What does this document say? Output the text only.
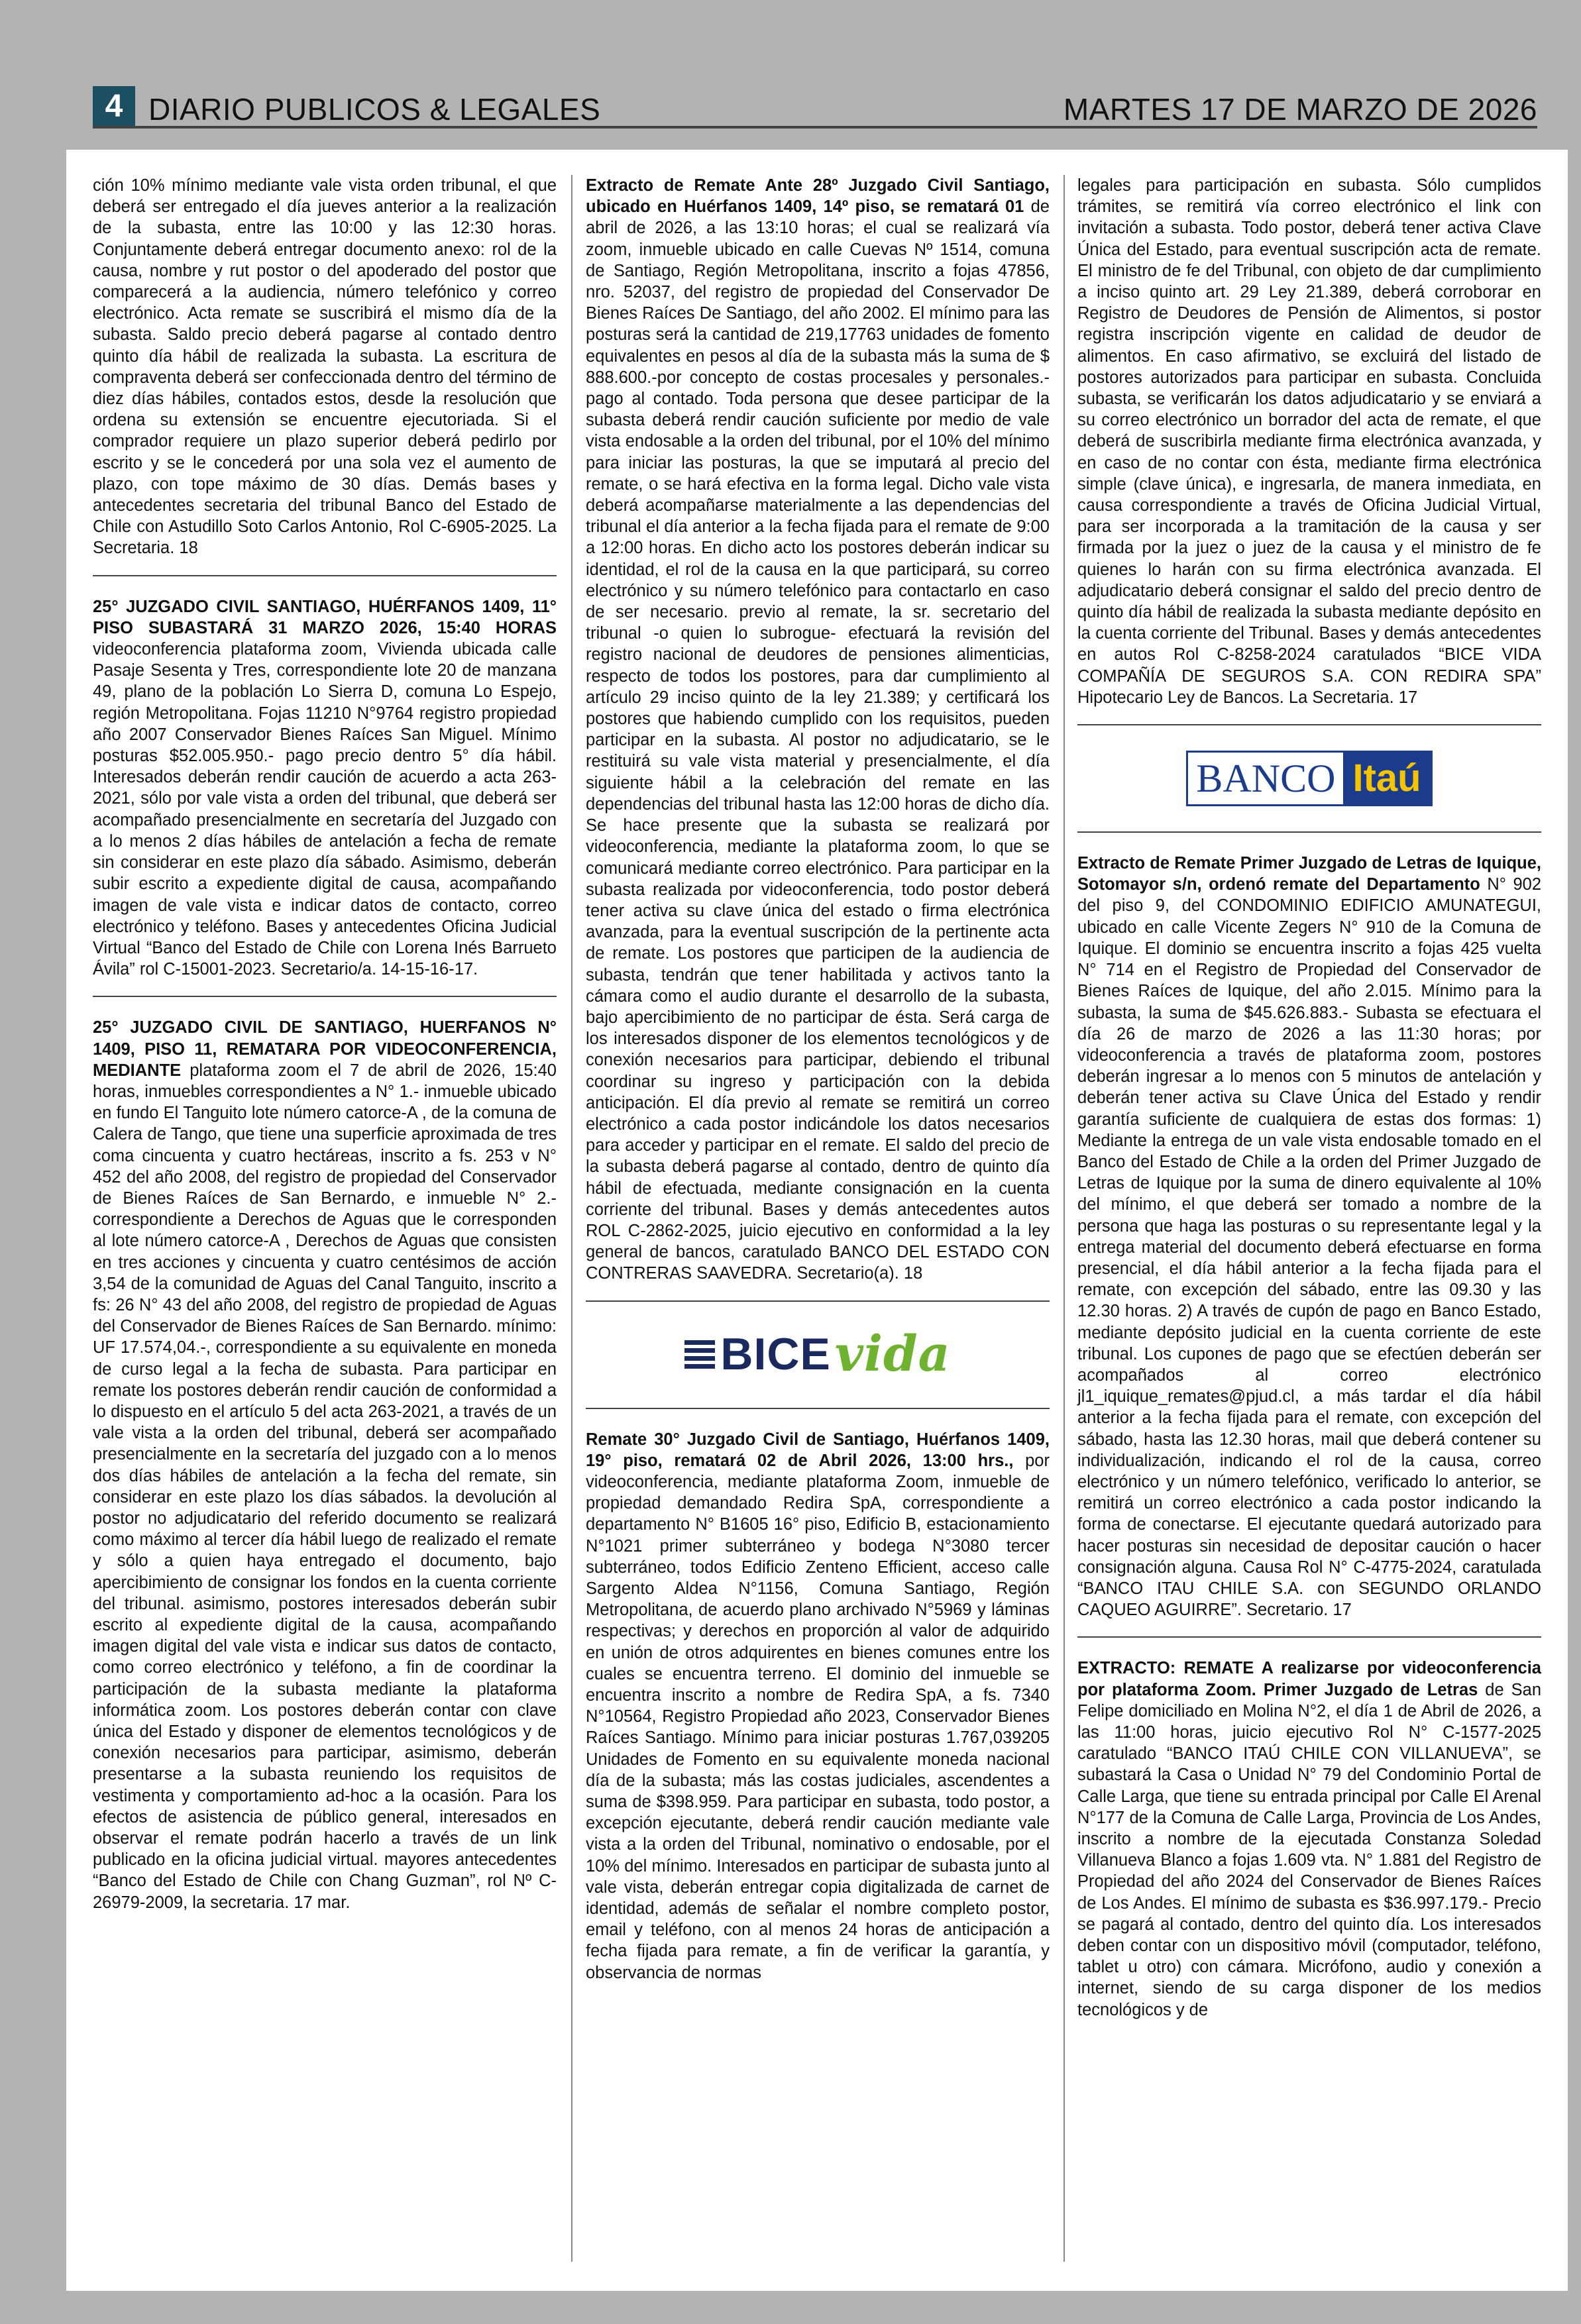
4 DIARIO PUBLICOS & LEGALES	MARTES 17 DE MARZO DE 2026

ción 10% mínimo mediante vale vista orden tribunal, el que deberá ser entregado el día jueves anterior a la realización de la subasta, entre las 10:00 y las 12:30 horas. Conjuntamente deberá entregar documento anexo: rol de la causa, nombre y rut postor o del apoderado del postor que comparecerá a la audiencia, número telefónico y correo electrónico. Acta remate se suscribirá el mismo día de la subasta. Saldo precio deberá pagarse al contado dentro quinto día hábil de realizada la subasta. La escritura de compraventa deberá ser confeccionada dentro del término de diez días hábiles, contados estos, desde la resolución que ordena su extensión se encuentre ejecutoriada. Si el comprador requiere un plazo superior deberá pedirlo por escrito y se le concederá por una sola vez el aumento de plazo, con tope máximo de 30 días. Demás bases y antecedentes secretaria del tribunal Banco del Estado de Chile con Astudillo Soto Carlos Antonio, Rol C-6905-2025. La Secretaria. 18

25° JUZGADO CIVIL SANTIAGO, HUÉRFANOS 1409, 11° PISO SUBASTARÁ 31 MARZO 2026, 15:40 HORAS videoconferencia plataforma zoom, Vivienda ubicada calle Pasaje Sesenta y Tres, correspondiente lote 20 de manzana 49, plano de la población Lo Sierra D, comuna Lo Espejo, región Metropolitana. Fojas 11210 N°9764 registro propiedad año 2007 Conservador Bienes Raíces San Miguel. Mínimo posturas $52.005.950.- pago precio dentro 5° día hábil. Interesados deberán rendir caución de acuerdo a acta 263-2021, sólo por vale vista a orden del tribunal, que deberá ser acompañado presencialmente en secretaría del Juzgado con a lo menos 2 días hábiles de antelación a fecha de remate sin considerar en este plazo día sábado. Asimismo, deberán subir escrito a expediente digital de causa, acompañando imagen de vale vista e indicar datos de contacto, correo electrónico y teléfono. Bases y antecedentes Oficina Judicial Virtual “Banco del Estado de Chile con Lorena Inés Barrueto Ávila” rol C-15001-2023. Secretario/a. 14-15-16-17.

25° JUZGADO CIVIL DE SANTIAGO, HUERFANOS N° 1409, PISO 11, REMATARA POR VIDEOCONFERENCIA, MEDIANTE plataforma zoom el 7 de abril de 2026, 15:40 horas, inmuebles correspondientes a N° 1.- inmueble ubicado en fundo El Tanguito lote número catorce-A , de la comuna de Calera de Tango, que tiene una superficie aproximada de tres coma cincuenta y cuatro hectáreas, inscrito a fs. 253 v N° 452 del año 2008, del registro de propiedad del Conservador de Bienes Raíces de San Bernardo, e inmueble N° 2.- correspondiente a Derechos de Aguas que le corresponden al lote número catorce-A , Derechos de Aguas que consisten en tres acciones y cincuenta y cuatro centésimos de acción 3,54 de la comunidad de Aguas del Canal Tanguito, inscrito a fs: 26 N° 43 del año 2008, del registro de propiedad de Aguas del Conservador de Bienes Raíces de San Bernardo. mínimo: UF 17.574,04.-, correspondiente a su equivalente en moneda de curso legal a la fecha de subasta. Para participar en remate los postores deberán rendir caución de conformidad a lo dispuesto en el artículo 5 del acta 263-2021, a través de un vale vista a la orden del tribunal, deberá ser acompañado presencialmente en la secretaría del juzgado con a lo menos dos días hábiles de antelación a la fecha del remate, sin considerar en este plazo los días sábados. la devolución al postor no adjudicatario del referido documento se realizará como máximo al tercer día hábil luego de realizado el remate y sólo a quien haya entregado el documento, bajo apercibimiento de consignar los fondos en la cuenta corriente del tribunal. asimismo, postores interesados deberán subir escrito al expediente digital de la causa, acompañando imagen digital del vale vista e indicar sus datos de contacto, como correo electrónico y teléfono, a fin de coordinar la participación de la subasta mediante la plataforma informática zoom. Los postores deberán contar con clave única del Estado y disponer de elementos tecnológicos y de conexión necesarios para participar, asimismo, deberán presentarse a la subasta reuniendo los requisitos de vestimenta y comportamiento ad-hoc a la ocasión. Para los efectos de asistencia de público general, interesados en observar el remate podrán hacerlo a través de un link publicado en la oficina judicial virtual. mayores antecedentes “Banco del Estado de Chile con Chang Guzman”, rol Nº C-26979-2009, la secretaria. 17 mar.

Extracto de Remate Ante 28º Juzgado Civil Santiago, ubicado en Huérfanos 1409, 14º piso, se rematará 01 de abril de 2026, a las 13:10 horas; el cual se realizará vía zoom, inmueble ubicado en calle Cuevas Nº 1514, comuna de Santiago, Región Metropolitana, inscrito a fojas 47856, nro. 52037, del registro de propiedad del Conservador De Bienes Raíces De Santiago, del año 2002. El mínimo para las posturas será la cantidad de 219,17763 unidades de fomento equivalentes en pesos al día de la subasta más la suma de $ 888.600.-por concepto de costas procesales y personales.- pago al contado. Toda persona que desee participar de la subasta deberá rendir caución suficiente por medio de vale vista endosable a la orden del tribunal, por el 10% del mínimo para iniciar las posturas, la que se imputará al precio del remate, o se hará efectiva en la forma legal. Dicho vale vista deberá acompañarse materialmente a las dependencias del tribunal el día anterior a la fecha fijada para el remate de 9:00 a 12:00 horas. En dicho acto los postores deberán indicar su identidad, el rol de la causa en la que participará, su correo electrónico y su número telefónico para contactarlo en caso de ser necesario. previo al remate, la sr. secretario del tribunal -o quien lo subrogue- efectuará la revisión del registro nacional de deudores de pensiones alimenticias, respecto de todos los postores, para dar cumplimiento al artículo 29 inciso quinto de la ley 21.389; y certificará los postores que habiendo cumplido con los requisitos, pueden participar en la subasta. Al postor no adjudicatario, se le restituirá su vale vista material y presencialmente, el día siguiente hábil a la celebración del remate en las dependencias del tribunal hasta las 12:00 horas de dicho día. Se hace presente que la subasta se realizará por videoconferencia, mediante la plataforma zoom, lo que se comunicará mediante correo electrónico. Para participar en la subasta realizada por videoconferencia, todo postor deberá tener activa su clave única del estado o firma electrónica avanzada, para la eventual suscripción de la pertinente acta de remate. Los postores que participen de la audiencia de subasta, tendrán que tener habilitada y activos tanto la cámara como el audio durante el desarrollo de la subasta, bajo apercibimiento de no participar de ésta. Será carga de los interesados disponer de los elementos tecnológicos y de conexión necesarios para participar, debiendo el tribunal coordinar su ingreso y participación con la debida anticipación. El día previo al remate se remitirá un correo electrónico a cada postor indicándole los datos necesarios para acceder y participar en el remate. El saldo del precio de la subasta deberá pagarse al contado, dentro de quinto día hábil de efectuada, mediante consignación en la cuenta corriente del tribunal. Bases y demás antecedentes autos ROL C-2862-2025, juicio ejecutivo en conformidad a la ley general de bancos, caratulado BANCO DEL ESTADO CON CONTRERAS SAAVEDRA. Secretario(a). 18

BICE vida

Remate 30° Juzgado Civil de Santiago, Huérfanos 1409, 19° piso, rematará 02 de Abril 2026, 13:00 hrs., por videoconferencia, mediante plataforma Zoom, inmueble de propiedad demandado Redira SpA, correspondiente a departamento N° B1605 16° piso, Edificio B, estacionamiento N°1021 primer subterráneo y bodega N°3080 tercer subterráneo, todos Edificio Zenteno Efficient, acceso calle Sargento Aldea N°1156, Comuna Santiago, Región Metropolitana, de acuerdo plano archivado N°5969 y láminas respectivas; y derechos en proporción al valor de adquirido en unión de otros adquirentes en bienes comunes entre los cuales se encuentra terreno. El dominio del inmueble se encuentra inscrito a nombre de Redira SpA, a fs. 7340 N°10564, Registro Propiedad año 2023, Conservador Bienes Raíces Santiago. Mínimo para iniciar posturas 1.767,039205 Unidades de Fomento en su equivalente moneda nacional día de la subasta; más las costas judiciales, ascendentes a suma de $398.959. Para participar en subasta, todo postor, a excepción ejecutante, deberá rendir caución mediante vale vista a la orden del Tribunal, nominativo o endosable, por el 10% del mínimo. Interesados en participar de subasta junto al vale vista, deberán entregar copia digitalizada de carnet de identidad, además de señalar el nombre completo postor, email y teléfono, con al menos 24 horas de anticipación a fecha fijada para remate, a fin de verificar la garantía, y observancia de normas

legales para participación en subasta. Sólo cumplidos trámites, se remitirá vía correo electrónico el link con invitación a subasta. Todo postor, deberá tener activa Clave Única del Estado, para eventual suscripción acta de remate. El ministro de fe del Tribunal, con objeto de dar cumplimiento a inciso quinto art. 29 Ley 21.389, deberá corroborar en Registro de Deudores de Pensión de Alimentos, si postor registra inscripción vigente en calidad de deudor de alimentos. En caso afirmativo, se excluirá del listado de postores autorizados para participar en subasta. Concluida subasta, se verificarán los datos adjudicatario y se enviará a su correo electrónico un borrador del acta de remate, el que deberá de suscribirla mediante firma electrónica avanzada, y en caso de no contar con ésta, mediante firma electrónica simple (clave única), e ingresarla, de manera inmediata, en causa correspondiente a través de Oficina Judicial Virtual, para ser incorporada a la tramitación de la causa y ser firmada por la juez o juez de la causa y el ministro de fe quienes lo harán con su firma electrónica avanzada. El adjudicatario deberá consignar el saldo del precio dentro de quinto día hábil de realizada la subasta mediante depósito en la cuenta corriente del Tribunal. Bases y demás antecedentes en autos Rol C-8258-2024 caratulados “BICE VIDA COMPAÑÍA DE SEGUROS S.A. CON REDIRA SPA” Hipotecario Ley de Bancos. La Secretaria. 17

BANCO Itaú

Extracto de Remate Primer Juzgado de Letras de Iquique, Sotomayor s/n, ordenó remate del Departamento N° 902 del piso 9, del CONDOMINIO EDIFICIO AMUNATEGUI, ubicado en calle Vicente Zegers N° 910 de la Comuna de Iquique. El dominio se encuentra inscrito a fojas 425 vuelta N° 714 en el Registro de Propiedad del Conservador de Bienes Raíces de Iquique, del año 2.015. Mínimo para la subasta, la suma de $45.626.883.- Subasta se efectuara el día 26 de marzo de 2026 a las 11:30 horas; por videoconferencia a través de plataforma zoom, postores deberán ingresar a lo menos con 5 minutos de antelación y deberán tener activa su Clave Única del Estado y rendir garantía suficiente de cualquiera de estas dos formas: 1) Mediante la entrega de un vale vista endosable tomado en el Banco del Estado de Chile a la orden del Primer Juzgado de Letras de Iquique por la suma de dinero equivalente al 10% del mínimo, el que deberá ser tomado a nombre de la persona que haga las posturas o su representante legal y la entrega material del documento deberá efectuarse en forma presencial, el día hábil anterior a la fecha fijada para el remate, con excepción del sábado, entre las 09.30 y las 12.30 horas. 2) A través de cupón de pago en Banco Estado, mediante depósito judicial en la cuenta corriente de este tribunal. Los cupones de pago que se efectúen deberán ser acompañados al correo electrónico jl1_iquique_remates@pjud.cl, a más tardar el día hábil anterior a la fecha fijada para el remate, con excepción del sábado, hasta las 12.30 horas, mail que deberá contener su individualización, indicando el rol de la causa, correo electrónico y un número telefónico, verificado lo anterior, se remitirá un correo electrónico a cada postor indicando la forma de conectarse. El ejecutante quedará autorizado para hacer posturas sin necesidad de depositar caución o hacer consignación alguna. Causa Rol N° C-4775-2024, caratulada “BANCO ITAU CHILE S.A. con SEGUNDO ORLANDO CAQUEO AGUIRRE”. Secretario. 17

EXTRACTO: REMATE A realizarse por videoconferencia por plataforma Zoom. Primer Juzgado de Letras de San Felipe domiciliado en Molina N°2, el día 1 de Abril de 2026, a las 11:00 horas, juicio ejecutivo Rol N° C-1577-2025 caratulado “BANCO ITAÚ CHILE CON VILLANUEVA”, se subastará la Casa o Unidad N° 79 del Condominio Portal de Calle Larga, que tiene su entrada principal por Calle El Arenal N°177 de la Comuna de Calle Larga, Provincia de Los Andes, inscrito a nombre de la ejecutada Constanza Soledad Villanueva Blanco a fojas 1.609 vta. N° 1.881 del Registro de Propiedad del año 2024 del Conservador de Bienes Raíces de Los Andes. El mínimo de subasta es $36.997.179.- Precio se pagará al contado, dentro del quinto día. Los interesados deben contar con un dispositivo móvil (computador, teléfono, tablet u otro) con cámara. Micrófono, audio y conexión a internet, siendo de su carga disponer de los medios tecnológicos y de
